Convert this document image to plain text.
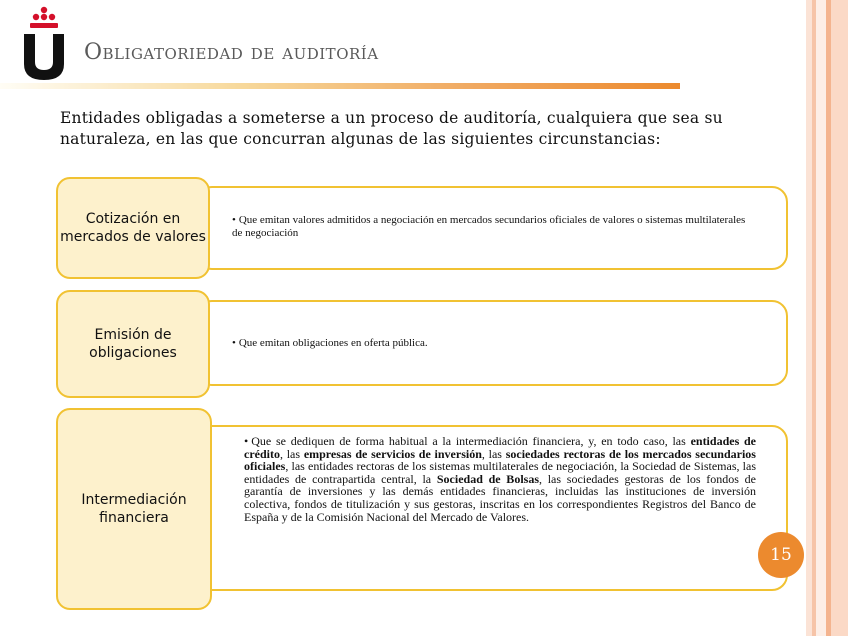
Obligatoriedad de auditoría
Entidades obligadas a someterse a un proceso de auditoría, cualquiera que sea su naturaleza, en las que concurran algunas de las siguientes circunstancias:
• Que emitan valores admitidos a negociación en mercados secundarios oficiales de valores o sistemas multilaterales de negociación
Cotización en mercados de valores
• Que emitan obligaciones en oferta pública.
Emisión de obligaciones
• Que se dediquen de forma habitual a la intermediación financiera, y, en todo caso, las entidades de crédito, las empresas de servicios de inversión, las sociedades rectoras de los mercados secundarios oficiales, las entidades rectoras de los sistemas multilaterales de negociación, la Sociedad de Sistemas, las entidades de contrapartida central, la Sociedad de Bolsas, las sociedades gestoras de los fondos de garantía de inversiones y las demás entidades financieras, incluidas las instituciones de inversión colectiva, fondos de titulización y sus gestoras, inscritas en los correspondientes Registros del Banco de España y de la Comisión Nacional del Mercado de Valores.
Intermediación financiera
15
